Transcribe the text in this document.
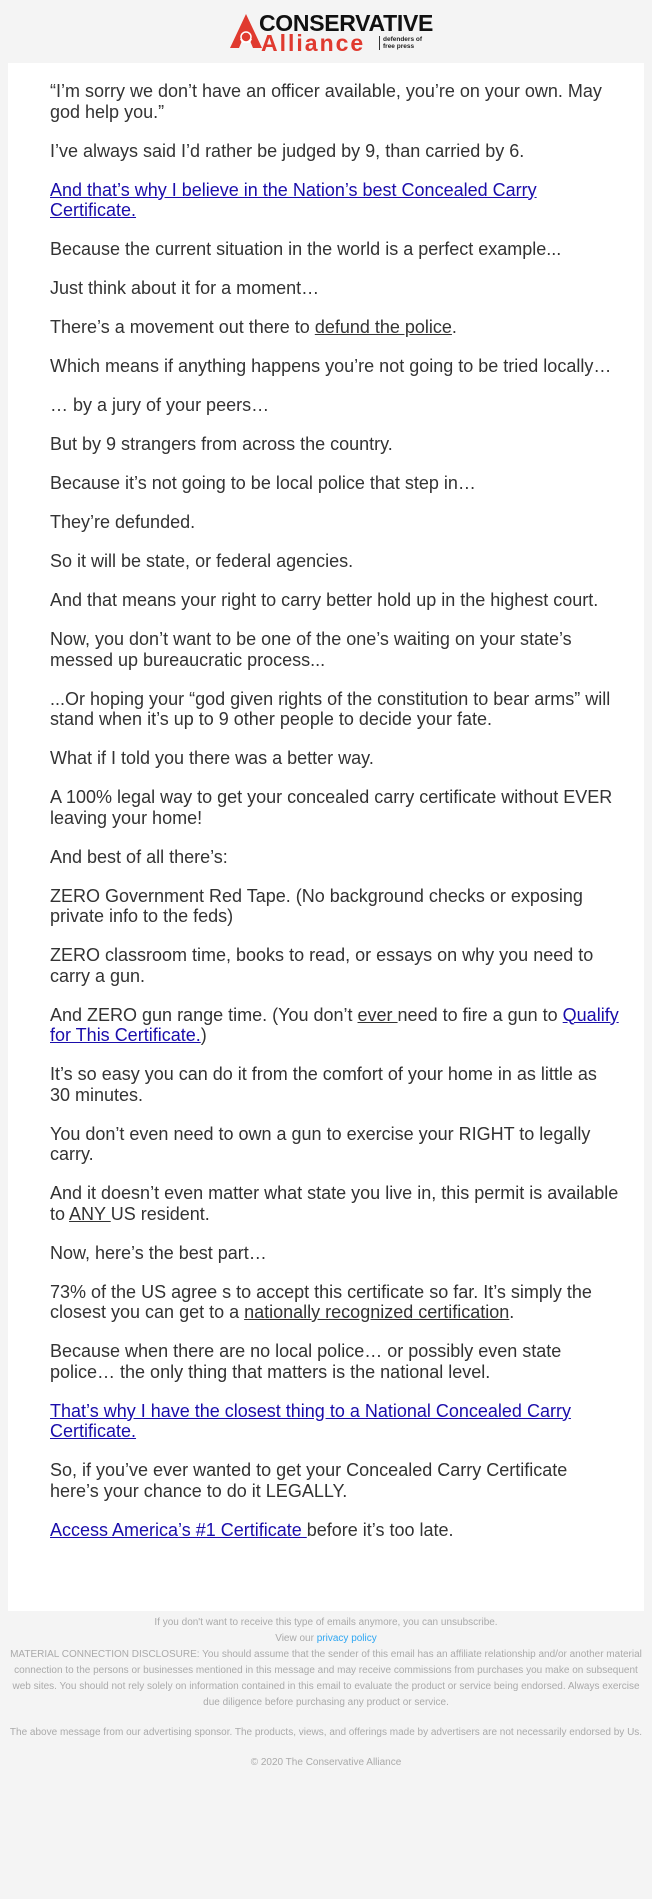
CONSERVATIVE
Alliance	defenders of
free press

“I’m sorry we don’t have an officer available, you’re on your own. May god help you.”

I’ve always said I’d rather be judged by 9, than carried by 6.

And that’s why I believe in the Nation’s best Concealed Carry Certificate.

Because the current situation in the world is a perfect example...

Just think about it for a moment…

There’s a movement out there to defund the police.

Which means if anything happens you’re not going to be tried locally…

… by a jury of your peers…

But by 9 strangers from across the country.

Because it’s not going to be local police that step in…

They’re defunded.

So it will be state, or federal agencies.

And that means your right to carry better hold up in the highest court.

Now, you don’t want to be one of the one’s waiting on your state’s messed up bureaucratic process...

...Or hoping your “god given rights of the constitution to bear arms” will stand when it’s up to 9 other people to decide your fate.

What if I told you there was a better way.

A 100% legal way to get your concealed carry certificate without EVER leaving your home!

And best of all there’s:

ZERO Government Red Tape. (No background checks or exposing private info to the feds)

ZERO classroom time, books to read, or essays on why you need to carry a gun.

And ZERO gun range time. (You don’t ever need to fire a gun to Qualify for This Certificate.)

It’s so easy you can do it from the comfort of your home in as little as 30 minutes.

You don’t even need to own a gun to exercise your RIGHT to legally carry.

And it doesn’t even matter what state you live in, this permit is available to ANY US resident.

Now, here’s the best part…

73% of the US agree s to accept this certificate so far. It’s simply the closest you can get to a nationally recognized certification.

Because when there are no local police… or possibly even state police… the only thing that matters is the national level.

That’s why I have the closest thing to a National Concealed Carry Certificate.

So, if you’ve ever wanted to get your Concealed Carry Certificate here’s your chance to do it LEGALLY.

Access America’s #1 Certificate before it’s too late.

If you don't want to receive this type of emails anymore, you can unsubscribe.
View our privacy policy
MATERIAL CONNECTION DISCLOSURE: You should assume that the sender of this email has an affiliate relationship and/or another material connection to the persons or businesses mentioned in this message and may receive commissions from purchases you make on subsequent web sites. You should not rely solely on information contained in this email to evaluate the product or service being endorsed. Always exercise due diligence before purchasing any product or service.
The above message from our advertising sponsor. The products, views, and offerings made by advertisers are not necessarily endorsed by Us.
© 2020 The Conservative Alliance
